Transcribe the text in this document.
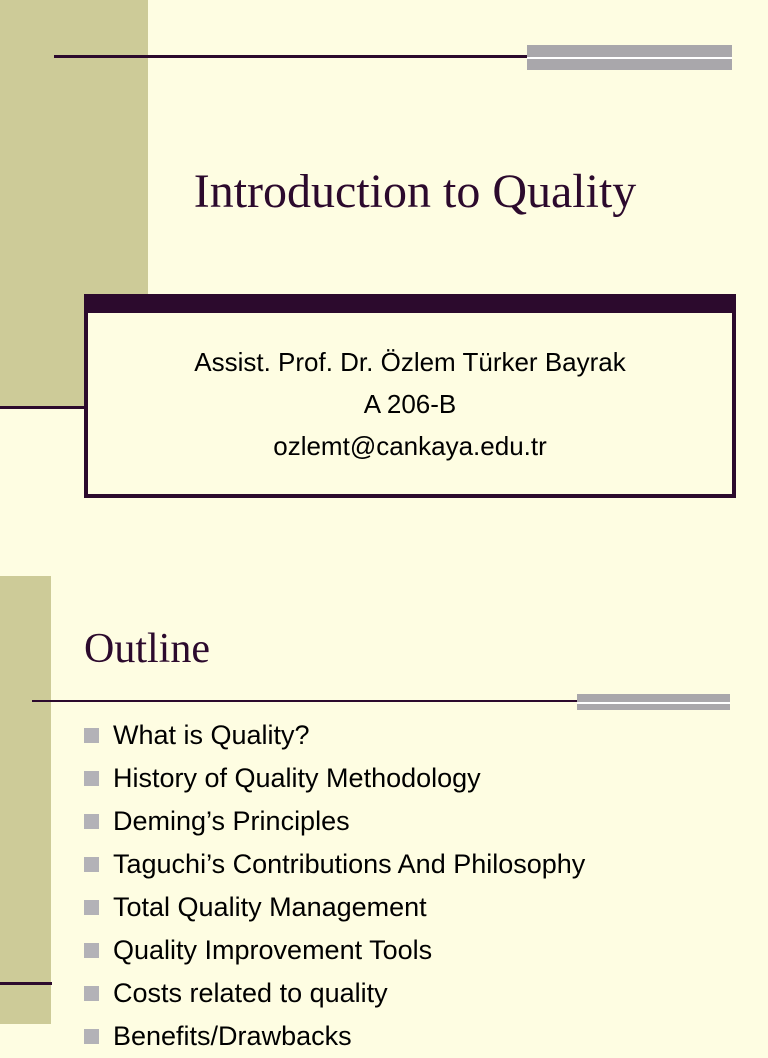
Introduction to Quality
Assist. Prof. Dr. Özlem Türker Bayrak
A 206-B
ozlemt@cankaya.edu.tr
Outline
What is Quality?
History of Quality Methodology
Deming’s Principles
Taguchi’s Contributions And Philosophy
Total Quality Management
Quality Improvement Tools
Costs related to quality
Benefits/Drawbacks
